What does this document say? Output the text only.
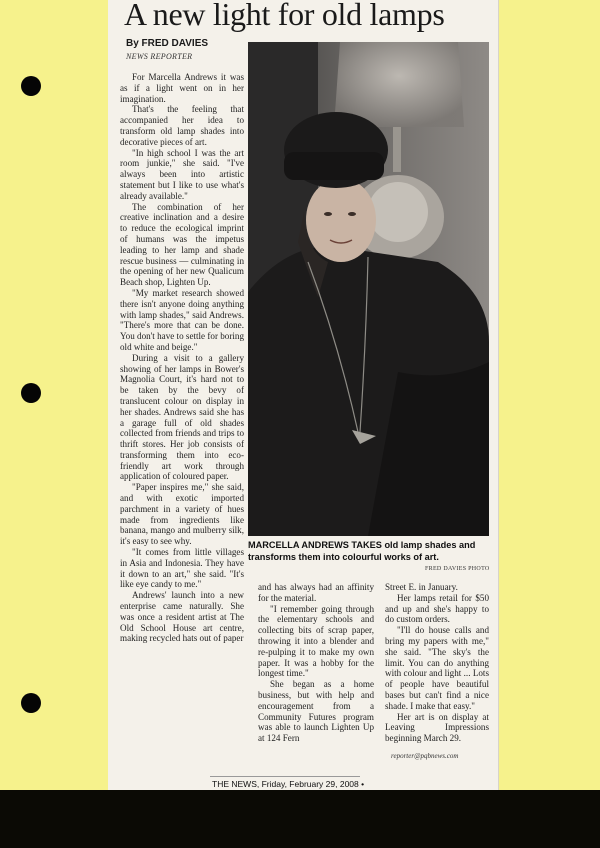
A new light for old lamps
By FRED DAVIES
NEWS REPORTER

For Marcella Andrews it was as if a light went on in her imagination.

That's the feeling that accompanied her idea to transform old lamp shades into decorative pieces of art.

"In high school I was the art room junkie," she said. "I've always been into artistic statement but I like to use what's already available."

The combination of her creative inclination and a desire to reduce the ecological imprint of humans was the impetus leading to her lamp and shade rescue business — culminating in the opening of her new Qualicum Beach shop, Lighten Up.

"My market research showed there isn't anyone doing anything with lamp shades," said Andrews. "There's more that can be done. You don't have to settle for boring old white and beige."

During a visit to a gallery showing of her lamps in Bower's Magnolia Court, it's hard not to be taken by the bevy of translucent colour on display in her shades. Andrews said she has a garage full of old shades collected from friends and trips to thrift stores. Her job consists of transforming them into eco-friendly art work through application of coloured paper.

"Paper inspires me," she said, and with exotic imported parchment in a variety of hues made from ingredients like banana, mango and mulberry silk, it's easy to see why.

"It comes from little villages in Asia and Indonesia. They have it down to an art," she said. "It's like eye candy to me."

Andrews' launch into a new enterprise came naturally. She was once a resident artist at The Old School House art centre, making recycled hats out of paper

MARCELLA ANDREWS TAKES old lamp shades and transforms them into colourful works of art.
FRED DAVIES PHOTO

and has always had an affinity for the material.

"I remember going through the elementary schools and collecting bits of scrap paper, throwing it into a blender and re-pulping it to make my own paper. It was a hobby for the longest time."

She began as a home business, but with help and encouragement from a Community Futures program was able to launch Lighten Up at 124 Fern

Street E. in January.

Her lamps retail for $50 and up and she's happy to do custom orders.

"I'll do house calls and bring my papers with me," she said. "The sky's the limit. You can do anything with colour and light ... Lots of people have beautiful bases but can't find a nice shade. I make that easy."

Her art is on display at Leaving Impressions beginning March 29.

reporter@pqbnews.com
THE NEWS, Friday, February 29, 2008 •
